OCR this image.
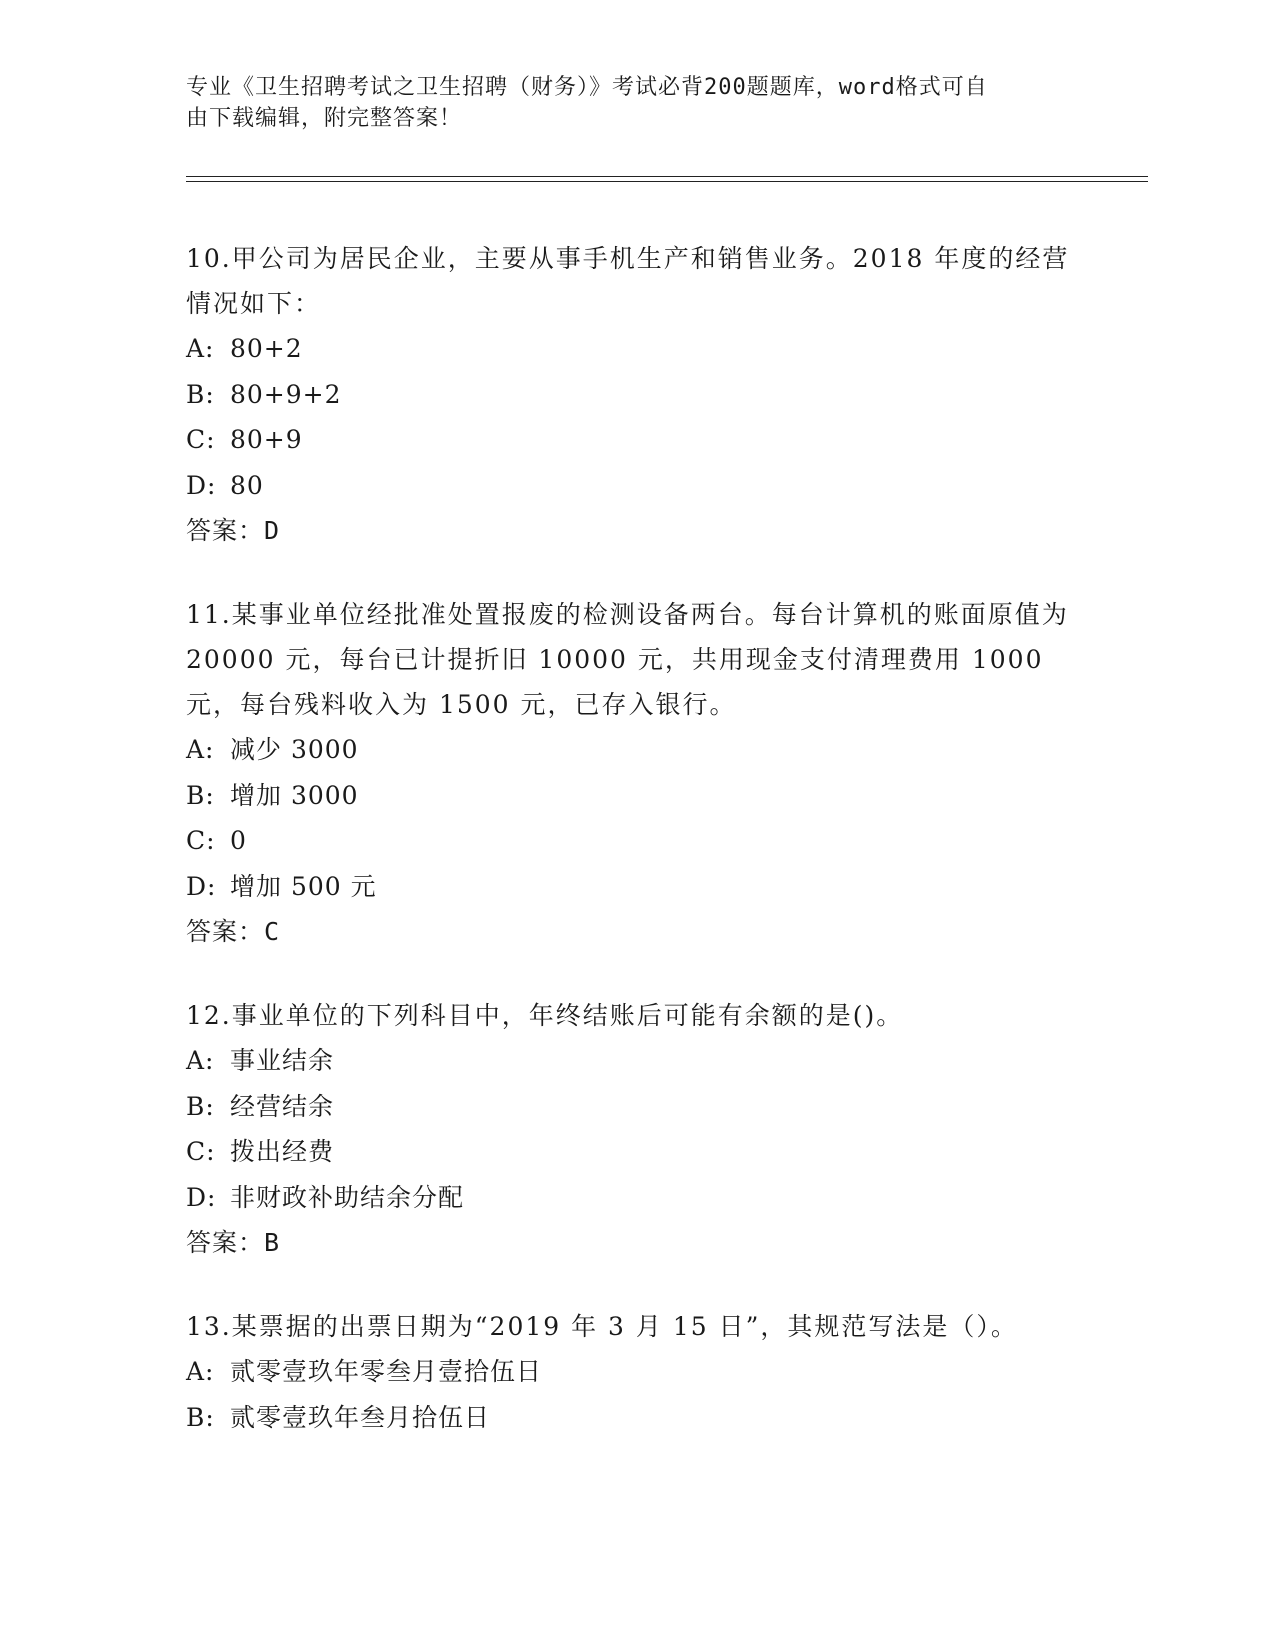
专业《卫生招聘考试之卫生招聘（财务）》考试必背200题题库，word格式可自
由下载编辑，附完整答案！
10.甲公司为居民企业，主要从事手机生产和销售业务。2018 年度的经营情况如下：
A: 80+2
B: 80+9+2
C: 80+9
D: 80
答案：D
11.某事业单位经批准处置报废的检测设备两台。每台计算机的账面原值为 20000 元，每台已计提折旧 10000 元，共用现金支付清理费用 1000 元，每台残料收入为 1500 元，已存入银行。
A: 减少 3000
B: 增加 3000
C: 0
D: 增加 500 元
答案：C
12.事业单位的下列科目中，年终结账后可能有余额的是()。
A: 事业结余
B: 经营结余
C: 拨出经费
D: 非财政补助结余分配
答案：B
13.某票据的出票日期为“2019 年 3 月 15 日”，其规范写法是（）。
A: 贰零壹玖年零叁月壹拾伍日
B: 贰零壹玖年叁月拾伍日
